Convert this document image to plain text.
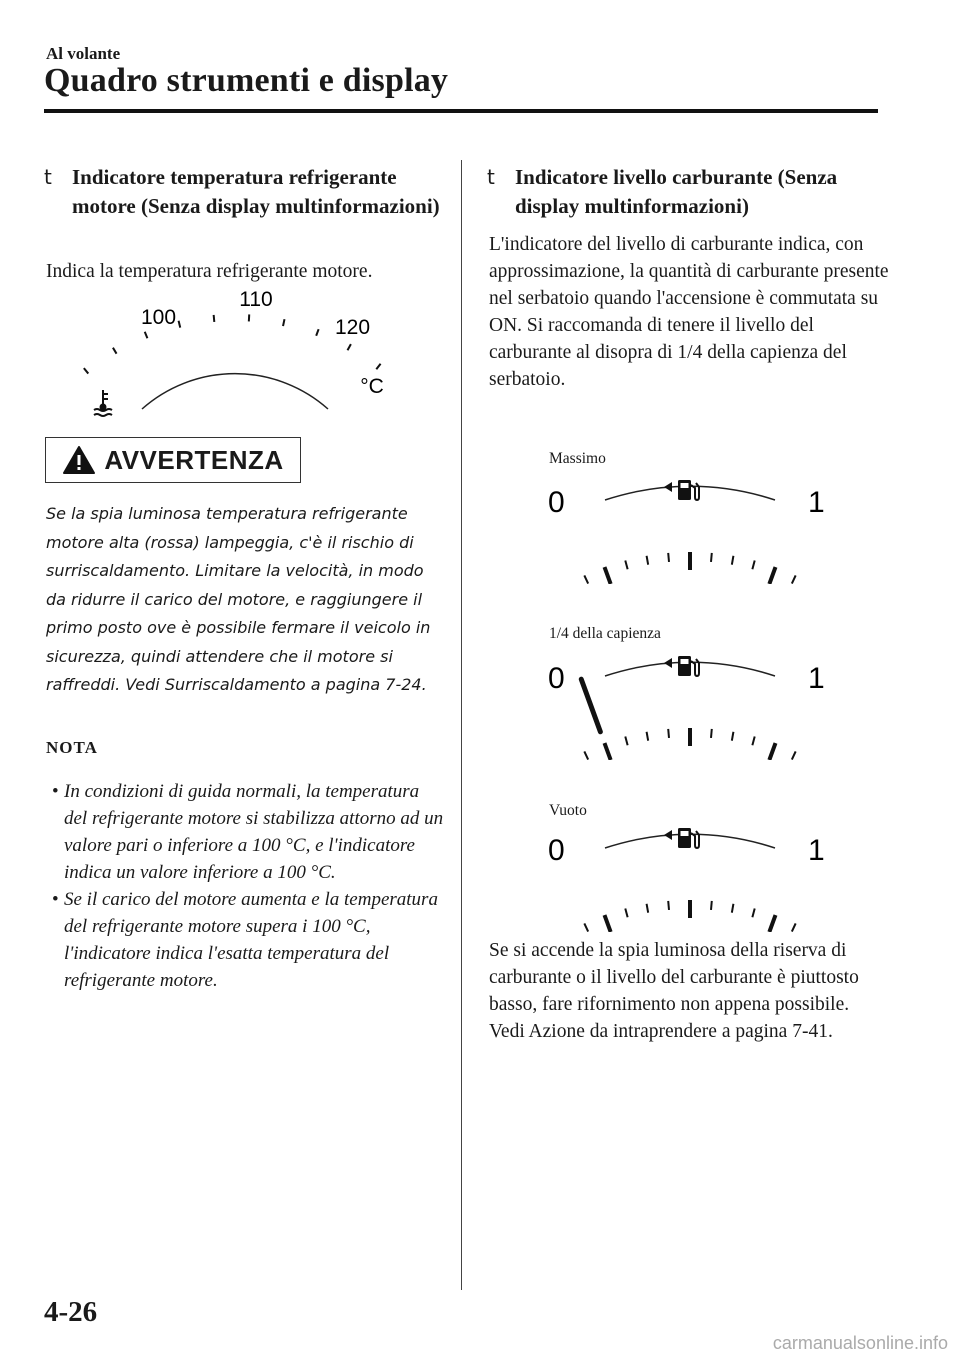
Al volante
Quadro strumenti e display
t Indicatore temperatura refrigerante motore (Senza display multinformazioni)
Indica la temperatura refrigerante motore.
100
110
120
°C
AVVERTENZA
Se la spia luminosa temperatura refrigerante motore alta (rossa) lampeggia, c'è il rischio di surriscaldamento. Limitare la velocità, in modo da ridurre il carico del motore, e raggiungere il primo posto ove è possibile fermare il veicolo in sicurezza, quindi attendere che il motore si raffreddi. Vedi Surriscaldamento a pagina 7-24.
NOTA
• In condizioni di guida normali, la temperatura del refrigerante motore si stabilizza attorno ad un valore pari o inferiore a 100 °C, e l'indicatore indica un valore inferiore a 100 °C.
• Se il carico del motore aumenta e la temperatura del refrigerante motore supera i 100 °C, l'indicatore indica l'esatta temperatura del refrigerante motore.
t Indicatore livello carburante (Senza display multinformazioni)
L'indicatore del livello di carburante indica, con approssimazione, la quantità di carburante presente nel serbatoio quando l'accensione è commutata su ON. Si raccomanda di tenere il livello del carburante al disopra di 1/4 della capienza del serbatoio.
Massimo
0	1
1/4 della capienza
0	1
Vuoto
0	1
Se si accende la spia luminosa della riserva di carburante o il livello del carburante è piuttosto basso, fare rifornimento non appena possibile. Vedi Azione da intraprendere a pagina 7-41.
4-26
carmanualsonline.info
